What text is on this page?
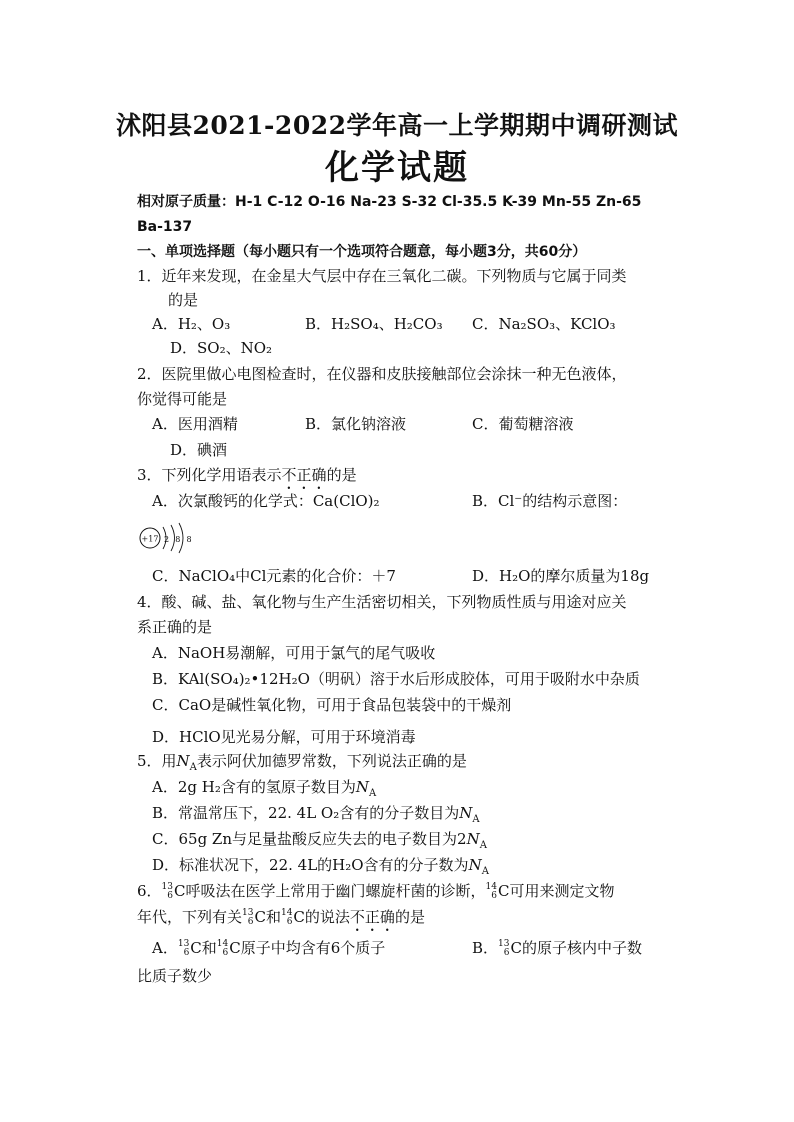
沭阳县2021-2022学年高一上学期期中调研测试
化学试题
相对原子质量：H-1 C-12 O-16 Na-23 S-32 Cl-35.5 K-39 Mn-55 Zn-65
Ba-137
一、单项选择题（每小题只有一个选项符合题意，每小题3分，共60分）
1．近年来发现，在金星大气层中存在三氧化二碳。下列物质与它属于同类
的是
A．H₂、O₃	B．H₂SO₄、H₂CO₃ C．Na₂SO₃、KClO₃
D．SO₂、NO₂
2．医院里做心电图检查时，在仪器和皮肤接触部位会涂抹一种无色液体，
你觉得可能是
A．医用酒精	B．氯化钠溶液	C．葡萄糖溶液
D．碘酒
3．下列化学用语表示不正确的是
A．次氯酸钙的化学式：Ca(ClO)₂	B．Cl⁻的结构示意图：
+17 2 8 8
C．NaClO₄中Cl元素的化合价：＋7	D．H₂O的摩尔质量为18g
4．酸、碱、盐、氧化物与生产生活密切相关，下列物质性质与用途对应关
系正确的是
A．NaOH易潮解，可用于氯气的尾气吸收
B．KAl(SO₄)₂•12H₂O（明矾）溶于水后形成胶体，可用于吸附水中杂质
C．CaO是碱性氧化物，可用于食品包装袋中的干燥剂
D．HClO见光易分解，可用于环境消毒
5．用$N_A$表示阿伏加德罗常数，下列说法正确的是
A．2g H₂含有的氢原子数目为$N_A$
B．常温常压下，22. 4L O₂含有的分子数目为$N_A$
C．65g Zn与足量盐酸反应失去的电子数目为$2N_A$
D．标准状况下，22. 4L的H₂O含有的分子数为$N_A$
6． 13
6 C呼吸法在医学上常用于幽门螺旋杆菌的诊断， 14
6 C可用来测定文物
年代，下列有关 13
6 C和 14
6 C的说法不正确的是
A． 13
6 C和 14
6 C原子中均含有6个质子	B． 13
6 C的原子核内中子数
比质子数少
